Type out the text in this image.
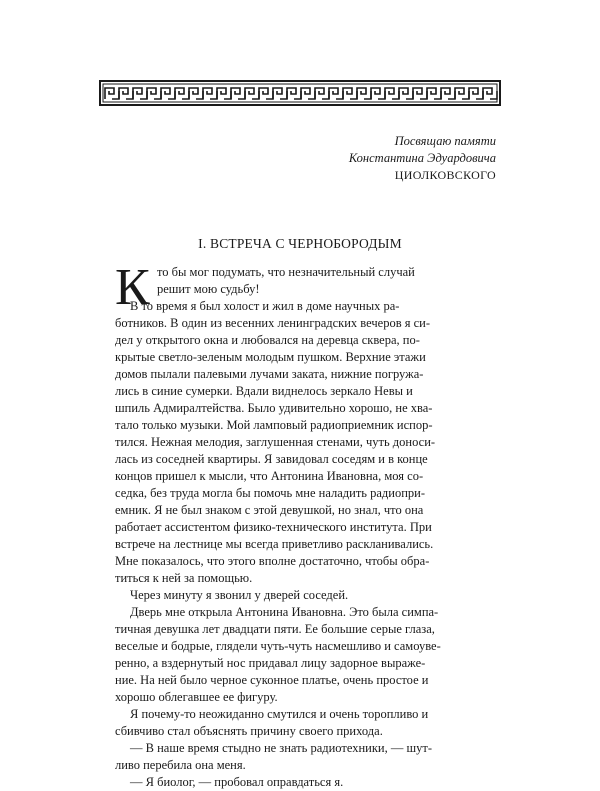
Посвящаю памяти
Константина Эдуардовича
ЦИОЛКОВСКОГО
I. ВСТРЕЧА С ЧЕРНОБОРОДЫМ
К то бы мог подумать, что незначительный случай
решит мою судьбу!
В то время я был холост и жил в доме научных ра-
ботников. В один из весенних ленинградских вечеров я си-
дел у открытого окна и любовался на деревца сквера, по-
крытые светло-зеленым молодым пушком. Верхние этажи
домов пылали палевыми лучами заката, нижние погружа-
лись в синие сумерки. Вдали виднелось зеркало Невы и
шпиль Адмиралтейства. Было удивительно хорошо, не хва-
тало только музыки. Мой ламповый радиоприемник испор-
тился. Нежная мелодия, заглушенная стенами, чуть доноси-
лась из соседней квартиры. Я завидовал соседям и в конце
концов пришел к мысли, что Антонина Ивановна, моя со-
седка, без труда могла бы помочь мне наладить радиопри-
емник. Я не был знаком с этой девушкой, но знал, что она
работает ассистентом физико-технического института. При
встрече на лестнице мы всегда приветливо раскланивались.
Мне показалось, что этого вполне достаточно, чтобы обра-
титься к ней за помощью.
Через минуту я звонил у дверей соседей.
Дверь мне открыла Антонина Ивановна. Это была симпа-
тичная девушка лет двадцати пяти. Ее большие серые глаза,
веселые и бодрые, глядели чуть-чуть насмешливо и самоуве-
ренно, а вздернутый нос придавал лицу задорное выраже-
ние. На ней было черное суконное платье, очень простое и
хорошо облегавшее ее фигуру.
Я почему-то неожиданно смутился и очень торопливо и
сбивчиво стал объяснять причину своего прихода.
— В наше время стыдно не знать радиотехники, — шут-
ливо перебила она меня.
— Я биолог, — пробовал оправдаться я.
